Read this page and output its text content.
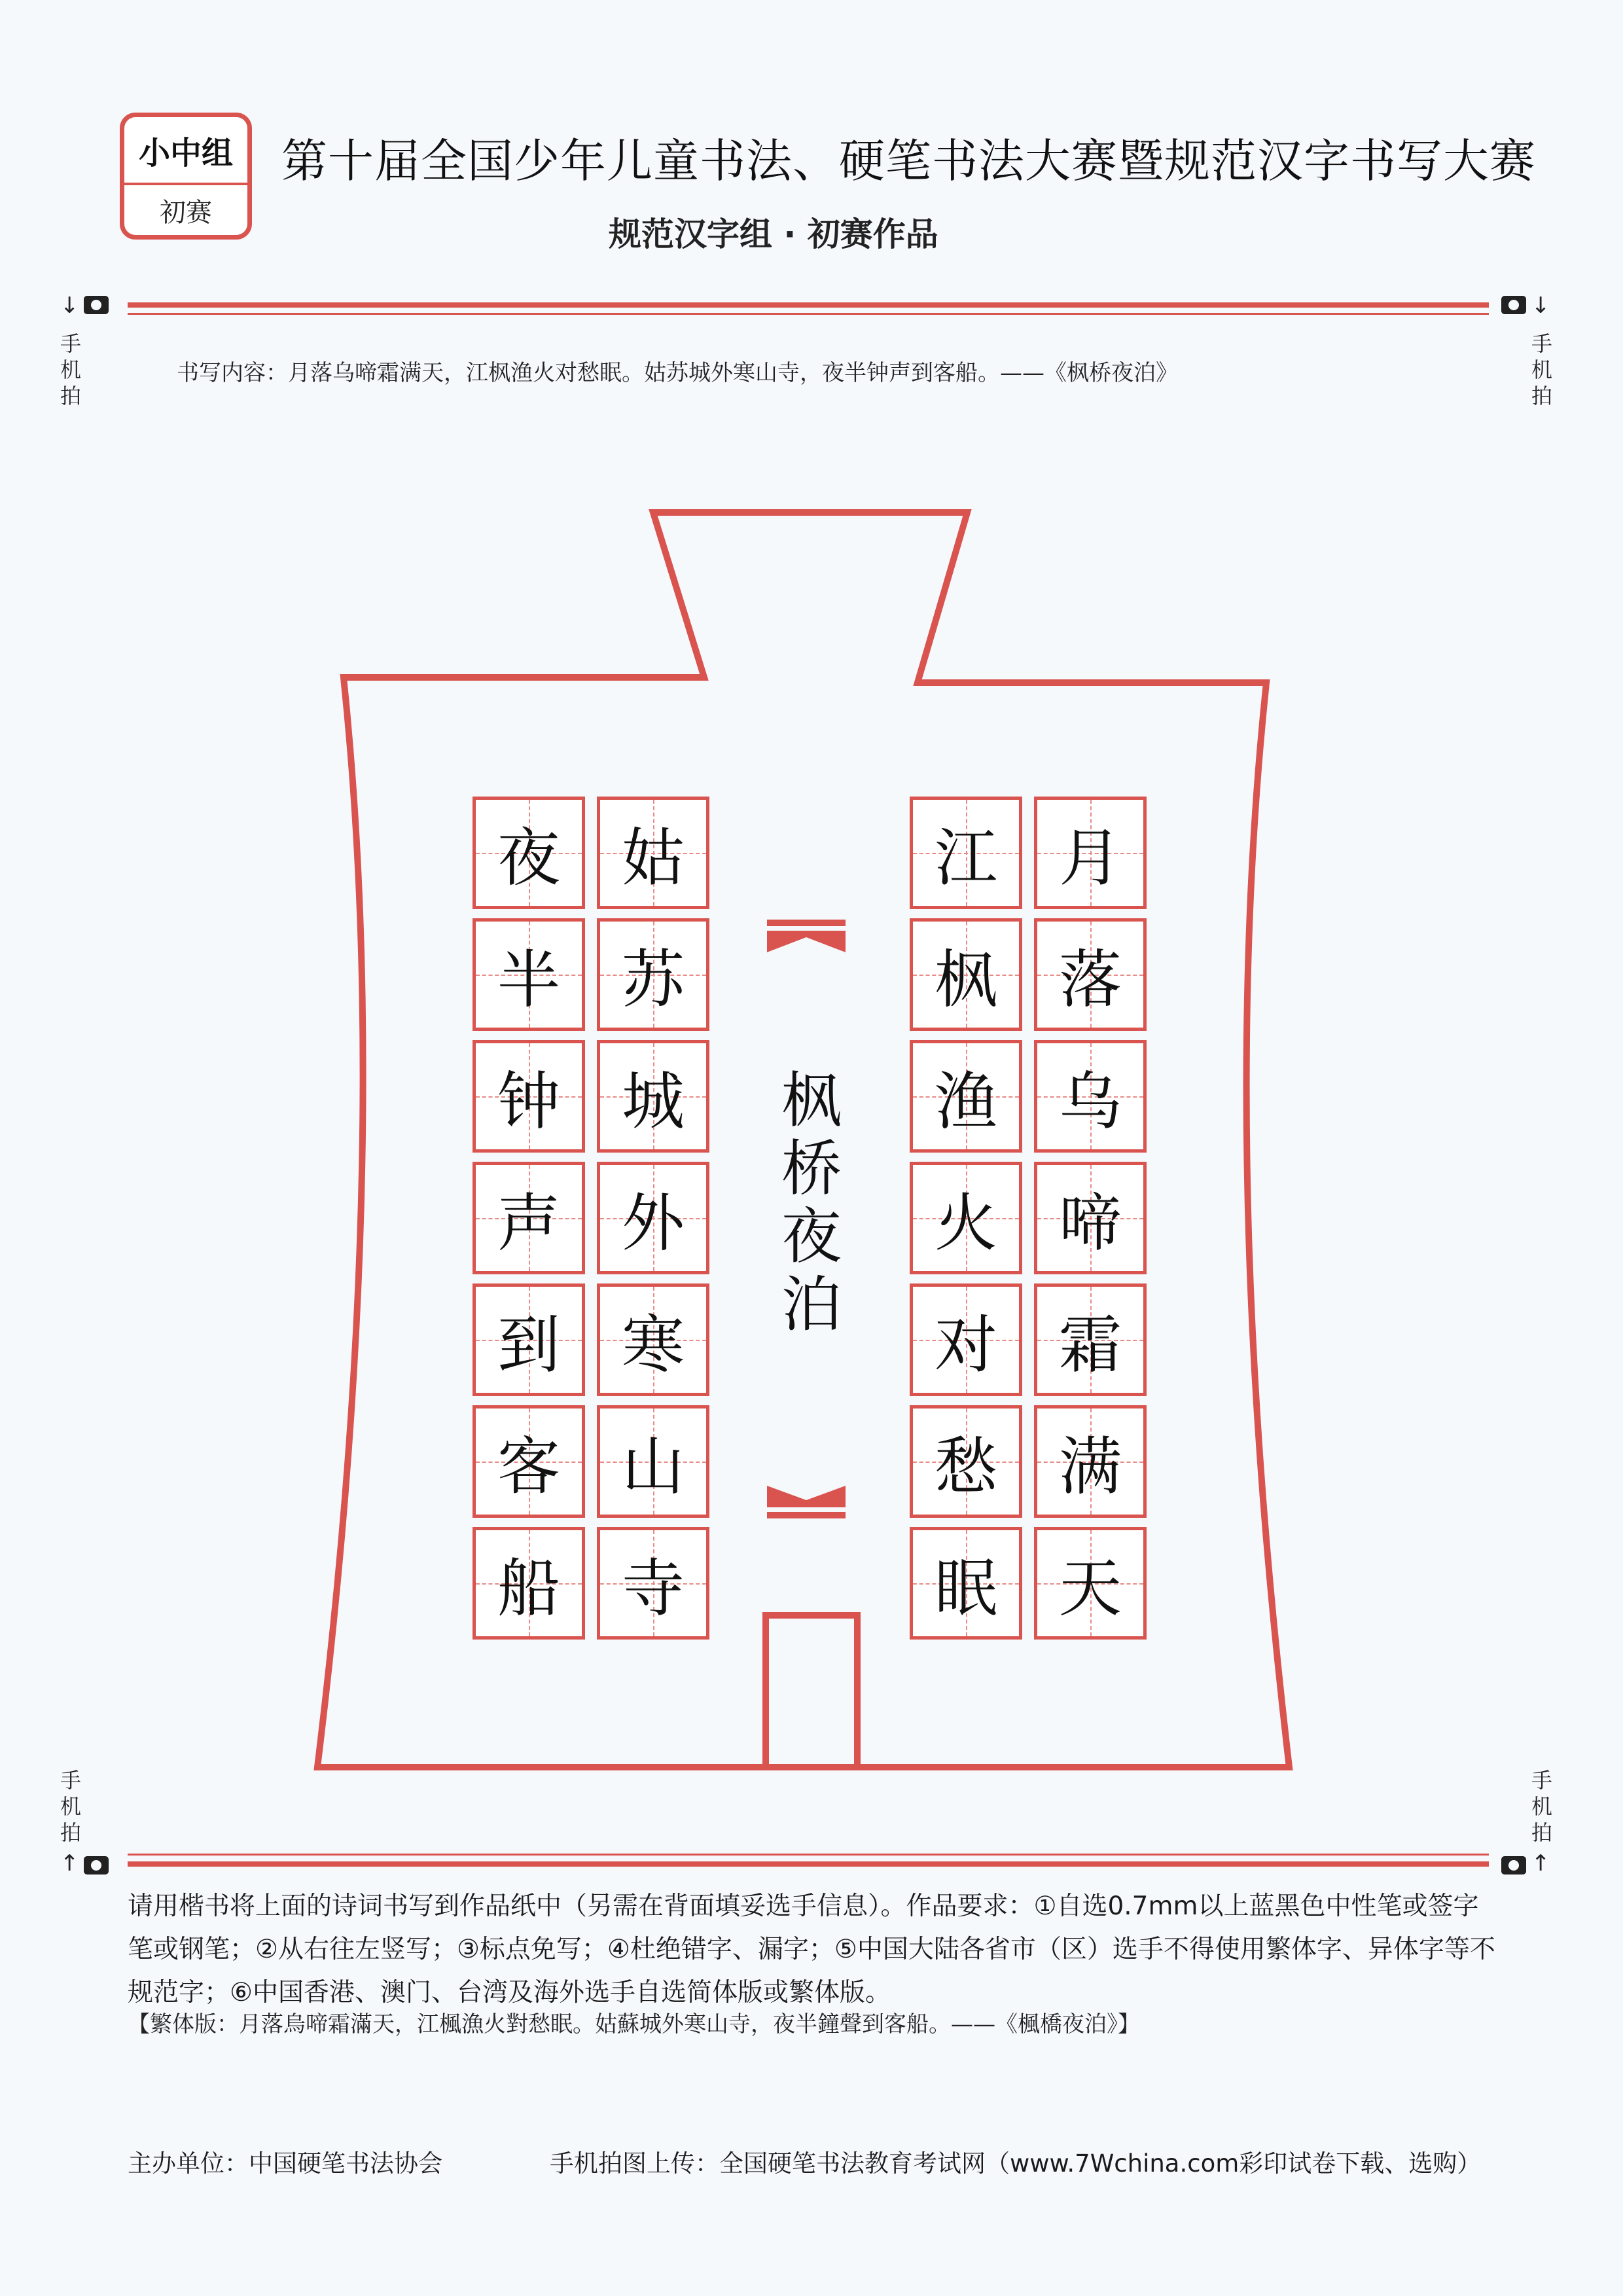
小中组
初赛
第十届全国少年儿童书法、硬笔书法大赛暨规范汉字书写大赛
规范汉字组 · 初赛作品
↓
手机拍
↓
手机拍
书写内容：月落乌啼霜满天，江枫渔火对愁眠。姑苏城外寒山寺，夜半钟声到客船。——《枫桥夜泊》
月
落
乌
啼
霜
满
天
江
枫
渔
火
对
愁
眠
姑
苏
城
外
寒
山
寺
夜
半
钟
声
到
客
船
枫桥夜泊
手机拍
↑
手机拍
↑
请用楷书将上面的诗词书写到作品纸中（另需在背面填妥选手信息）。作品要求：①自选0.7mm以上蓝黑色中性笔或签字笔或钢笔；②从右往左竖写；③标点免写；④杜绝错字、漏字；⑤中国大陆各省市（区）选手不得使用繁体字、异体字等不规范字；⑥中国香港、澳门、台湾及海外选手自选简体版或繁体版。
【繁体版：月落烏啼霜滿天，江楓漁火對愁眠。姑蘇城外寒山寺，夜半鐘聲到客船。——《楓橋夜泊》】
主办单位：中国硬笔书法协会	手机拍图上传：全国硬笔书法教育考试网（www.7Wchina.com彩印试卷下载、选购）
